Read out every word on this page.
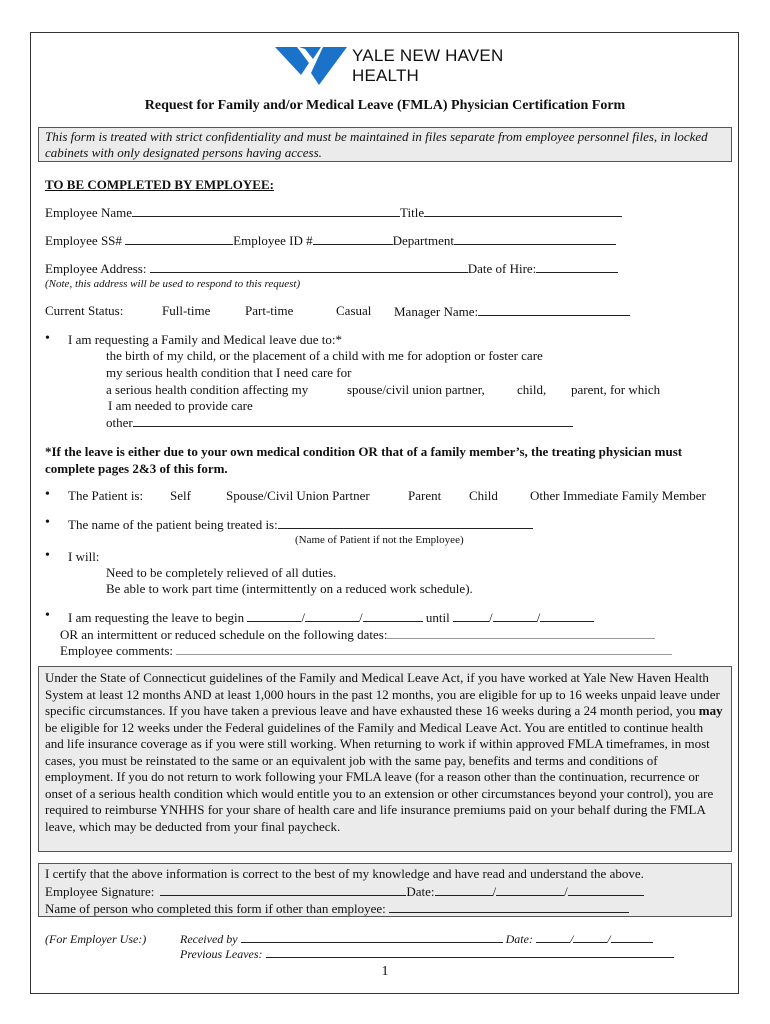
YALE NEW HAVEN
HEALTH
Request for Family and/or Medical Leave (FMLA) Physician Certification Form
This form is treated with strict confidentiality and must be maintained in files separate from employee personnel files, in locked cabinets with only designated persons having access.
TO BE COMPLETED BY EMPLOYEE:
Employee Name	Title
Employee SS#	Employee ID #	Department
Employee Address:	Date of Hire:
(Note, this address will be used to respond to this request)
Current Status:	Full-time	Part-time	Casual Manager Name:
• I am requesting a Family and Medical leave due to:*
the birth of my child, or the placement of a child with me for adoption or foster care
my serious health condition that I need care for
a serious health condition affecting my	spouse/civil union partner, child, parent, for which
I am needed to provide care
other
*If the leave is either due to your own medical condition OR that of a family member’s, the treating physician must complete pages 2&3 of this form.
• The Patient is: Self	Spouse/Civil Union Partner	Parent Child Other Immediate Family Member
• The name of the patient being treated is:
(Name of Patient if not the Employee)
• I will:
Need to be completely relieved of all duties.
Be able to work part time (intermittently on a reduced work schedule).
• I am requesting the leave to begin	/	/	until	/	/
OR an intermittent or reduced schedule on the following dates:
Employee comments:
Under the State of Connecticut guidelines of the Family and Medical Leave Act, if you have worked at Yale New Haven Health System at least 12 months AND at least 1,000 hours in the past 12 months, you are eligible for up to 16 weeks unpaid leave under specific circumstances. If you have taken a previous leave and have exhausted these 16 weeks during a 24 month period, you may be eligible for 12 weeks under the Federal guidelines of the Family and Medical Leave Act. You are entitled to continue health and life insurance coverage as if you were still working. When returning to work if within approved FMLA timeframes, in most cases, you must be reinstated to the same or an equivalent job with the same pay, benefits and terms and conditions of employment. If you do not return to work following your FMLA leave (for a reason other than the continuation, recurrence or onset of a serious health condition which would entitle you to an extension or other circumstances beyond your control), you are required to reimburse YNHHS for your share of health care and life insurance premiums paid on your behalf during the FMLA leave, which may be deducted from your final paycheck.
I certify that the above information is correct to the best of my knowledge and have read and understand the above.
Employee Signature:	Date:	/	/
Name of person who completed this form if other than employee:
(For Employer Use:)	Received by	Date:	/	/
Previous Leaves:
1
